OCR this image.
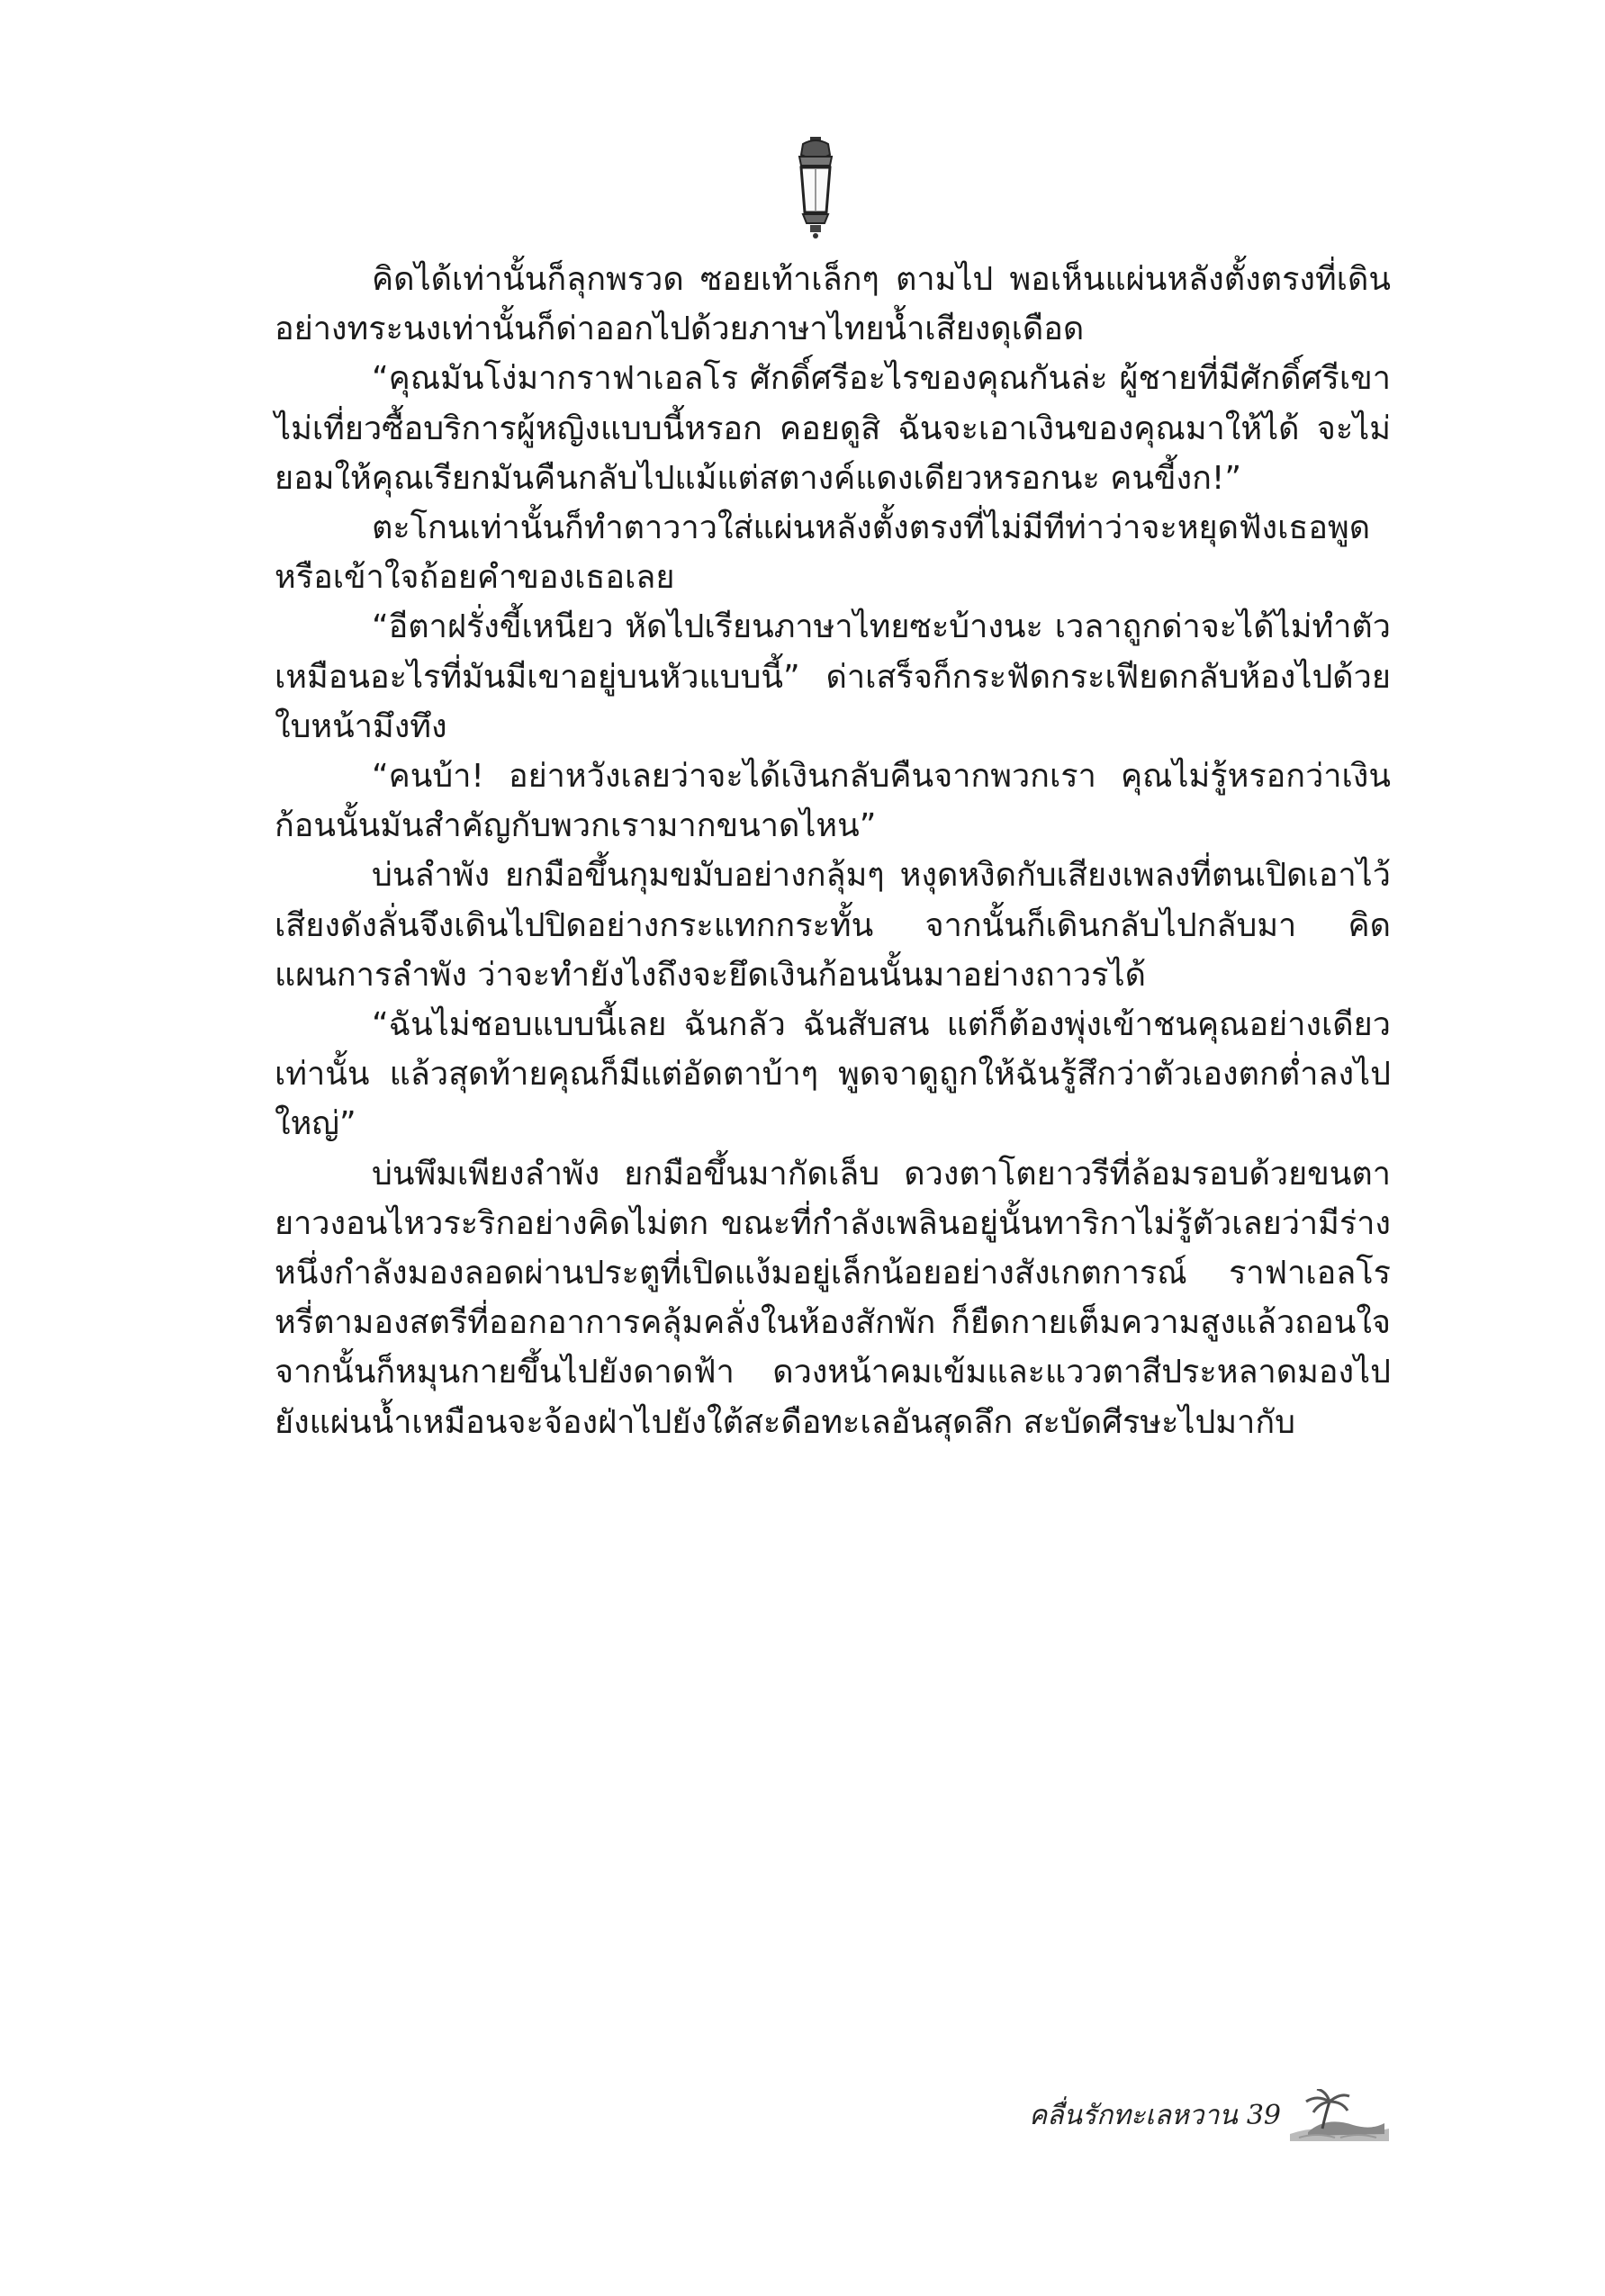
คิดได้เท่านั้นก็ลุกพรวด ซอยเท้าเล็กๆ ตามไป พอเห็นแผ่นหลังตั้งตรงที่เดินอย่างทระนงเท่านั้นก็ด่าออกไปด้วยภาษาไทยน้ำเสียงดุเดือด

“คุณมันโง่มากราฟาเอลโร ศักดิ์ศรีอะไรของคุณกันล่ะ ผู้ชายที่มีศักดิ์ศรีเขาไม่เที่ยวซื้อบริการผู้หญิงแบบนี้หรอก คอยดูสิ ฉันจะเอาเงินของคุณมาให้ได้ จะไม่ยอมให้คุณเรียกมันคืนกลับไปแม้แต่สตางค์แดงเดียวหรอกนะ คนขี้งก!”

ตะโกนเท่านั้นก็ทำตาวาวใส่แผ่นหลังตั้งตรงที่ไม่มีทีท่าว่าจะหยุดฟังเธอพูดหรือเข้าใจถ้อยคำของเธอเลย

“อีตาฝรั่งขี้เหนียว หัดไปเรียนภาษาไทยซะบ้างนะ เวลาถูกด่าจะได้ไม่ทำตัวเหมือนอะไรที่มันมีเขาอยู่บนหัวแบบนี้” ด่าเสร็จก็กระฟัดกระเฟียดกลับห้องไปด้วยใบหน้ามึงทึง

“คนบ้า! อย่าหวังเลยว่าจะได้เงินกลับคืนจากพวกเรา คุณไม่รู้หรอกว่าเงินก้อนนั้นมันสำคัญกับพวกเรามากขนาดไหน”

บ่นลำพัง ยกมือขึ้นกุมขมับอย่างกลุ้มๆ หงุดหงิดกับเสียงเพลงที่ตนเปิดเอาไว้เสียงดังลั่นจึงเดินไปปิดอย่างกระแทกกระทั้น จากนั้นก็เดินกลับไปกลับมา คิดแผนการลำพัง ว่าจะทำยังไงถึงจะยึดเงินก้อนนั้นมาอย่างถาวรได้

“ฉันไม่ชอบแบบนี้เลย ฉันกลัว ฉันสับสน แต่ก็ต้องพุ่งเข้าชนคุณอย่างเดียวเท่านั้น แล้วสุดท้ายคุณก็มีแต่อัดตาบ้าๆ พูดจาดูถูกให้ฉันรู้สึกว่าตัวเองตกต่ำลงไปใหญ่”

บ่นพึมเพียงลำพัง ยกมือขึ้นมากัดเล็บ ดวงตาโตยาวรีที่ล้อมรอบด้วยขนตายาวงอนไหวระริกอย่างคิดไม่ตก ขณะที่กำลังเพลินอยู่นั้นทาริกาไม่รู้ตัวเลยว่ามีร่างหนึ่งกำลังมองลอดผ่านประตูที่เปิดแง้มอยู่เล็กน้อยอย่างสังเกตการณ์ ราฟาเอลโรหรี่ตามองสตรีที่ออกอาการคลุ้มคลั่งในห้องสักพัก ก็ยืดกายเต็มความสูงแล้วถอนใจ จากนั้นก็หมุนกายขึ้นไปยังดาดฟ้า ดวงหน้าคมเข้มและแววตาสีประหลาดมองไปยังแผ่นน้ำเหมือนจะจ้องฝ่าไปยังใต้สะดือทะเลอันสุดลึก สะบัดศีรษะไปมากับ

คลื่นรักทะเลหวาน 39
